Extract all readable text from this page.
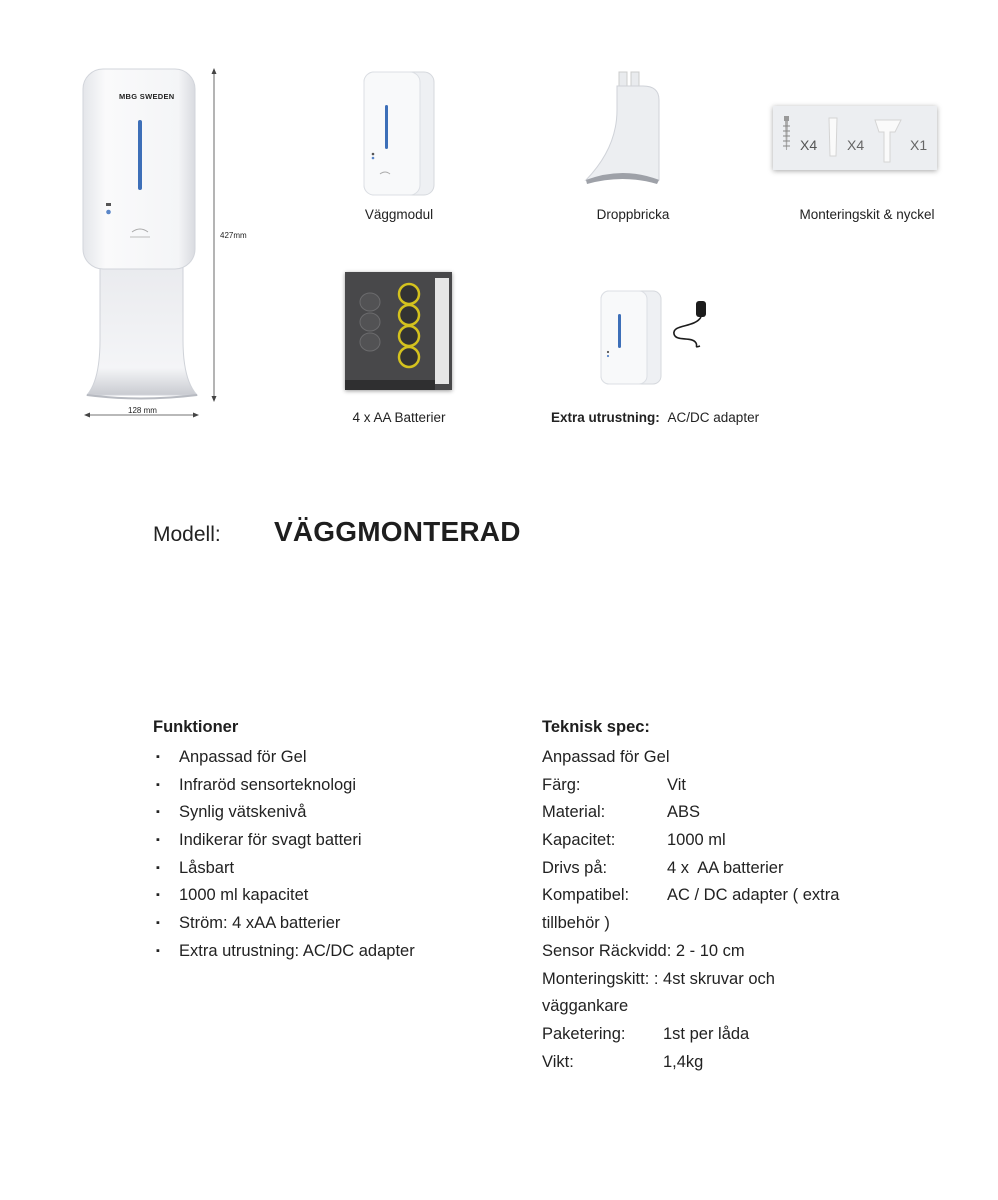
MBG SWEDEN
427mm
128 mm
Väggmodul	Droppbricka
X4 X4	X1
Monteringskit & nyckel
4 x AA Batterier	Extra utrustning: AC/DC adapter
Modell: VÄGGMONTERAD
Funktioner
▪	Anpassad för Gel
▪	Infraröd sensorteknologi
▪	Synlig vätskenivå
▪	Indikerar för svagt batteri
▪	Låsbart
▪	1000 ml kapacitet
▪	Ström: 4 xAA batterier
▪	Extra utrustning: AC/DC adapter
Teknisk spec:
Anpassad för Gel
Färg:	Vit
Material:	ABS
Kapacitet:	1000 ml
Drivs på:	4 x  AA batterier
Kompatibel:	AC / DC adapter ( extra
tillbehör )
Sensor Räckvidd: 2 - 10 cm
Monteringskitt: : 4st skruvar och
väggankare
Paketering:	1st per låda
Vikt:	1,4kg
